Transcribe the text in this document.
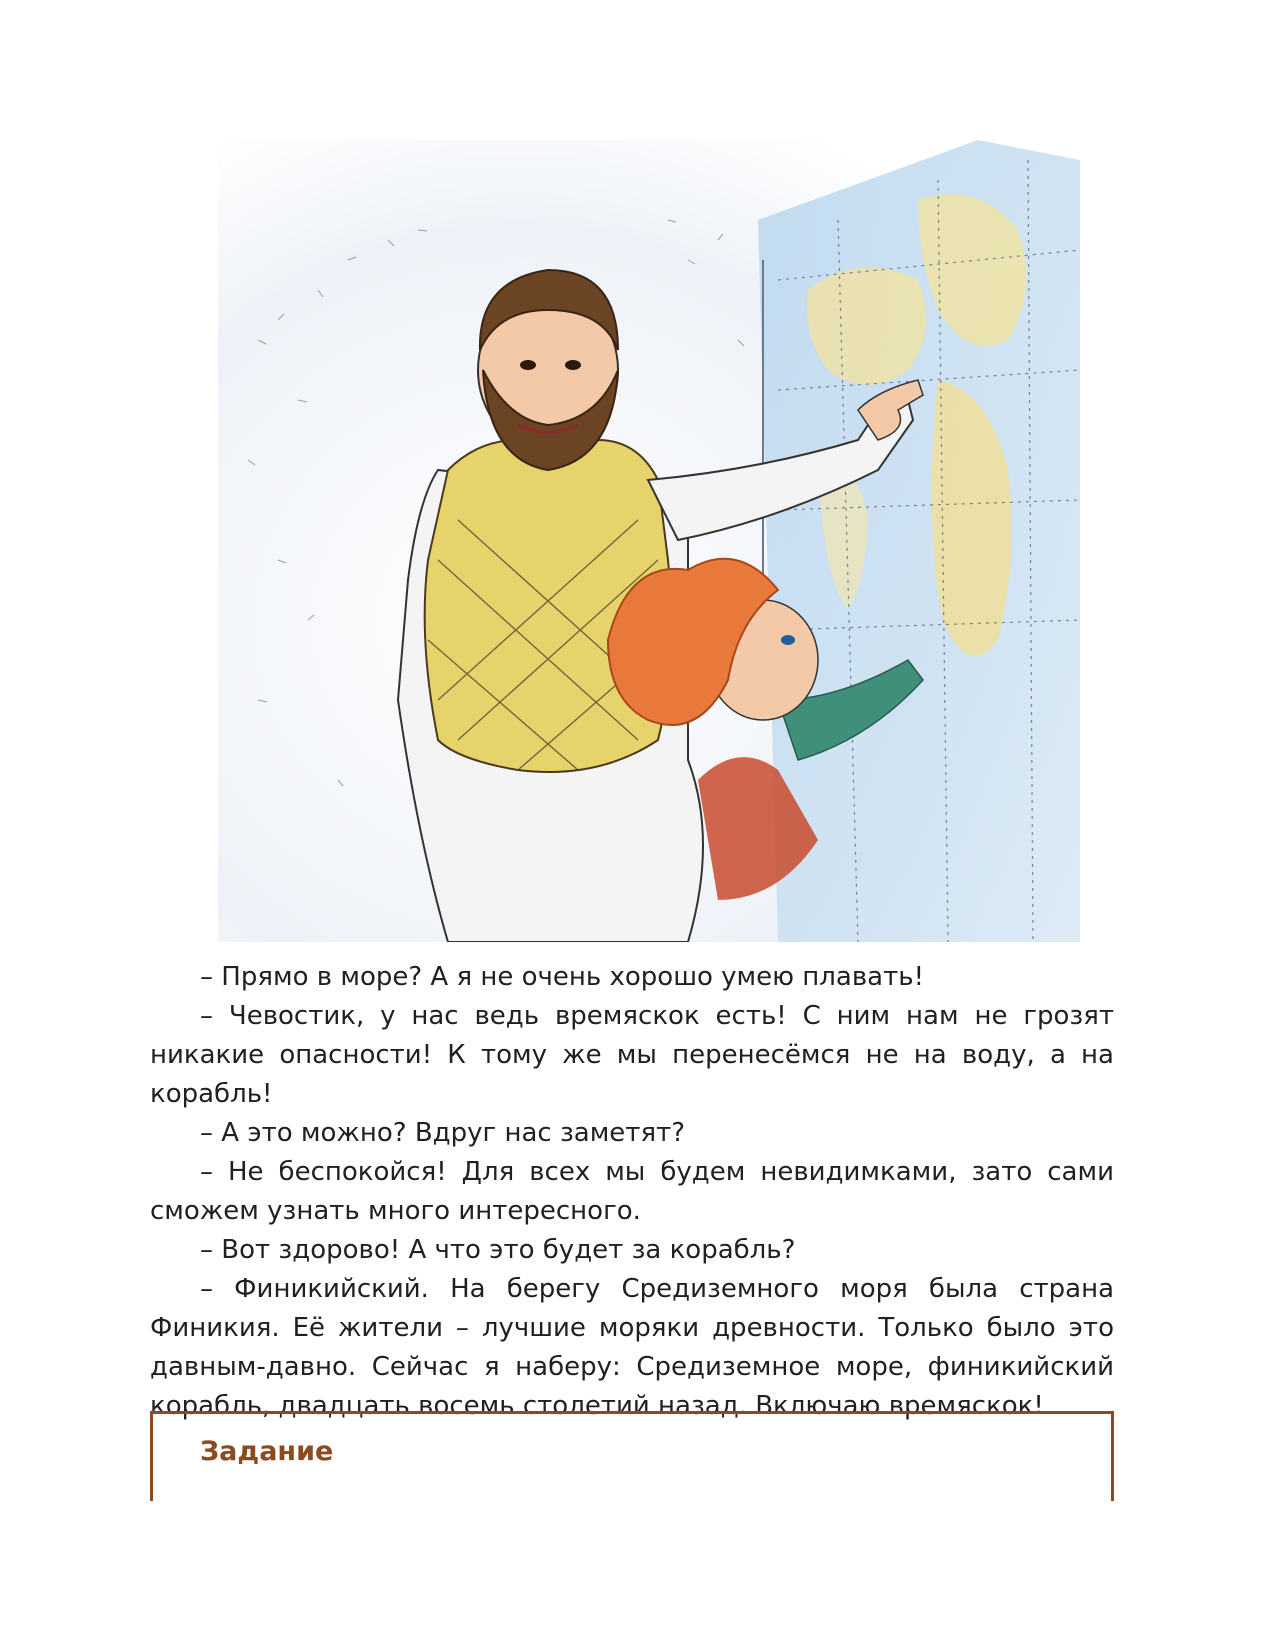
– Прямо в море? А я не очень хорошо умею плавать!

– Чевостик, у нас ведь времяскок есть! С ним нам не грозят никакие опасности! К тому же мы перенесёмся не на воду, а на корабль!

– А это можно? Вдруг нас заметят?

– Не беспокойся! Для всех мы будем невидимками, зато сами сможем узнать много интересного.

– Вот здорово! А что это будет за корабль?

– Финикийский. На берегу Средиземного моря была страна Финикия. Её жители – лучшие моряки древности. Только было это давным-давно. Сейчас я наберу: Средиземное море, финикийский корабль, двадцать восемь столетий назад. Включаю времяскок!

Задание
